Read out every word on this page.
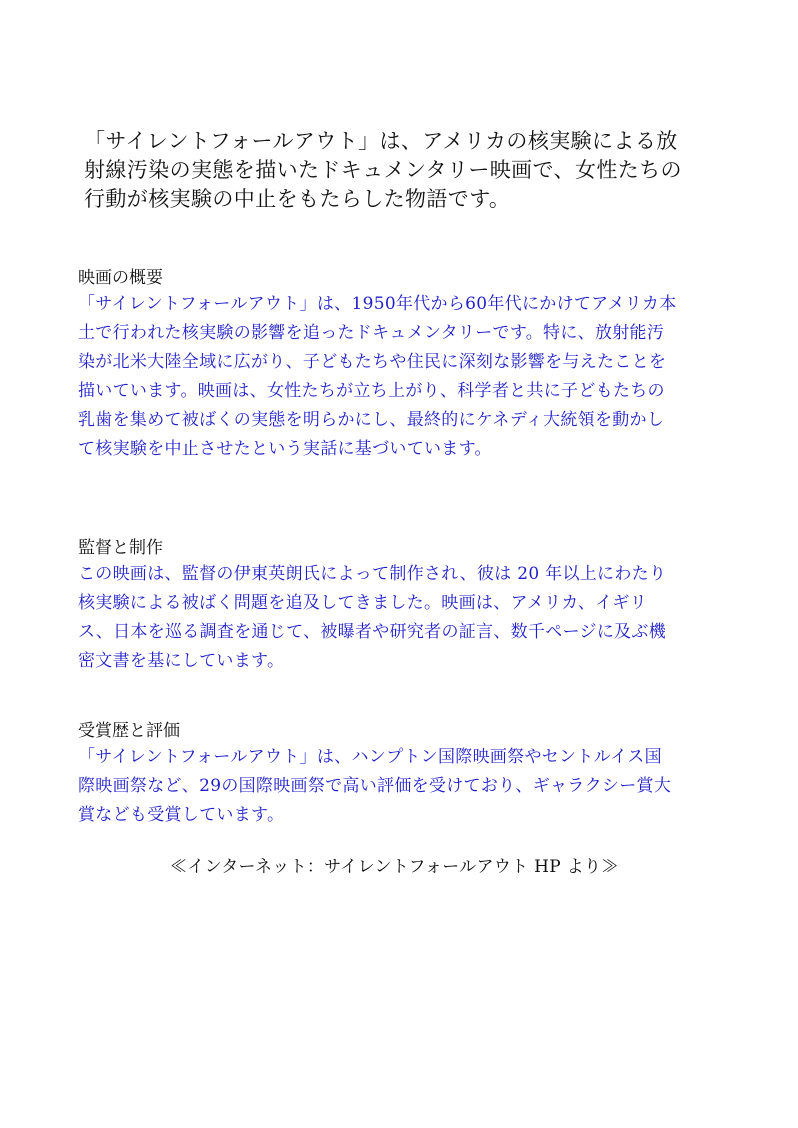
「サイレントフォールアウト」は、アメリカの核実験による放射線汚染の実態を描いたドキュメンタリー映画で、女性たちの行動が核実験の中止をもたらした物語です。

映画の概要

「サイレントフォールアウト」は、1950年代から60年代にかけてアメリカ本土で行われた核実験の影響を追ったドキュメンタリーです。特に、放射能汚染が北米大陸全域に広がり、子どもたちや住民に深刻な影響を与えたことを描いています。映画は、女性たちが立ち上がり、科学者と共に子どもたちの乳歯を集めて被ばくの実態を明らかにし、最終的にケネディ大統領を動かして核実験を中止させたという実話に基づいています。

監督と制作

この映画は、監督の伊東英朗氏によって制作され、彼は 20 年以上にわたり核実験による被ばく問題を追及してきました。映画は、アメリカ、イギリス、日本を巡る調査を通じて、被曝者や研究者の証言、数千ページに及ぶ機密文書を基にしています。

受賞歴と評価

「サイレントフォールアウト」は、ハンプトン国際映画祭やセントルイス国際映画祭など、29の国際映画祭で高い評価を受けており、ギャラクシー賞大賞なども受賞しています。

≪インターネット：サイレントフォールアウト HP より≫
